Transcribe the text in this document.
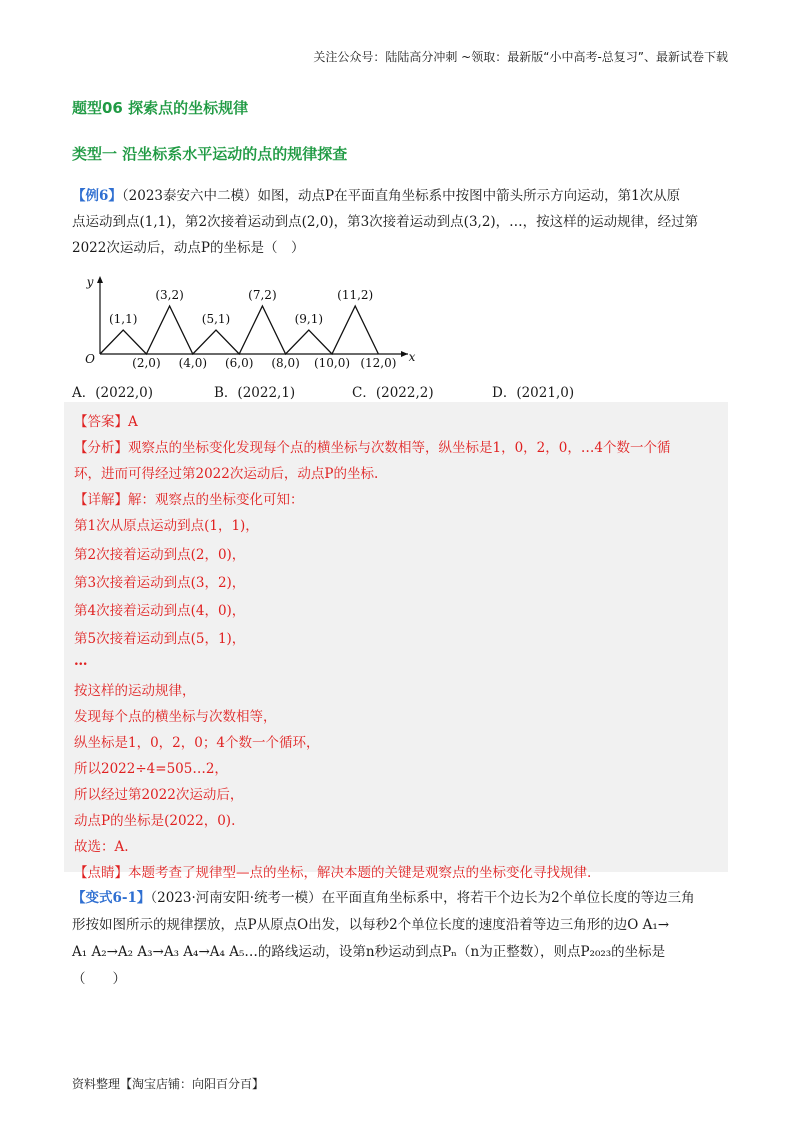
关注公众号：陆陆高分冲刺 ~领取：最新版“小中高考-总复习”、最新试卷下载
题型06 探索点的坐标规律
类型一 沿坐标系水平运动的点的规律探查
【例6】（2023泰安六中二模）如图，动点P在平面直角坐标系中按图中箭头所示方向运动，第1次从原
点运动到点(1,1)，第2次接着运动到点(2,0)，第3次接着运动到点(3,2)，…，按这样的运动规律，经过第
2022次运动后，动点P的坐标是（　）
y
x
O
(1,1)
(2,0)
(3,2)
(4,0)
(5,1)
(6,0)
(7,2)
(8,0)
(9,1)
(10,0)
(11,2)
(12,0)
A．(2022,0)	B．(2022,1)	C．(2022,2)	D．(2021,0)
【答案】A
【分析】观察点的坐标变化发现每个点的横坐标与次数相等，纵坐标是1，0，2，0，…4个数一个循
环，进而可得经过第2022次运动后，动点P的坐标.
【详解】解：观察点的坐标变化可知：
第1次从原点运动到点(1，1)，
第2次接着运动到点(2，0)，
第3次接着运动到点(3，2)，
第4次接着运动到点(4，0)，
第5次接着运动到点(5，1)，
…
按这样的运动规律，
发现每个点的横坐标与次数相等，
纵坐标是1，0，2，0；4个数一个循环，
所以2022÷4=505…2，
所以经过第2022次运动后，
动点P的坐标是(2022，0).
故选：A.
【点睛】本题考查了规律型—点的坐标，解决本题的关键是观察点的坐标变化寻找规律.
【变式6-1】（2023·河南安阳·统考一模）在平面直角坐标系中，将若干个边长为2个单位长度的等边三角
形按如图所示的规律摆放，点P从原点O出发，以每秒2个单位长度的速度沿着等边三角形的边O A₁→
A₁ A₂→A₂ A₃→A₃ A₄→A₄ A₅…的路线运动，设第n秒运动到点Pₙ（n为正整数），则点P₂₀₂₃的坐标是
（　　）
资料整理【淘宝店铺：向阳百分百】
